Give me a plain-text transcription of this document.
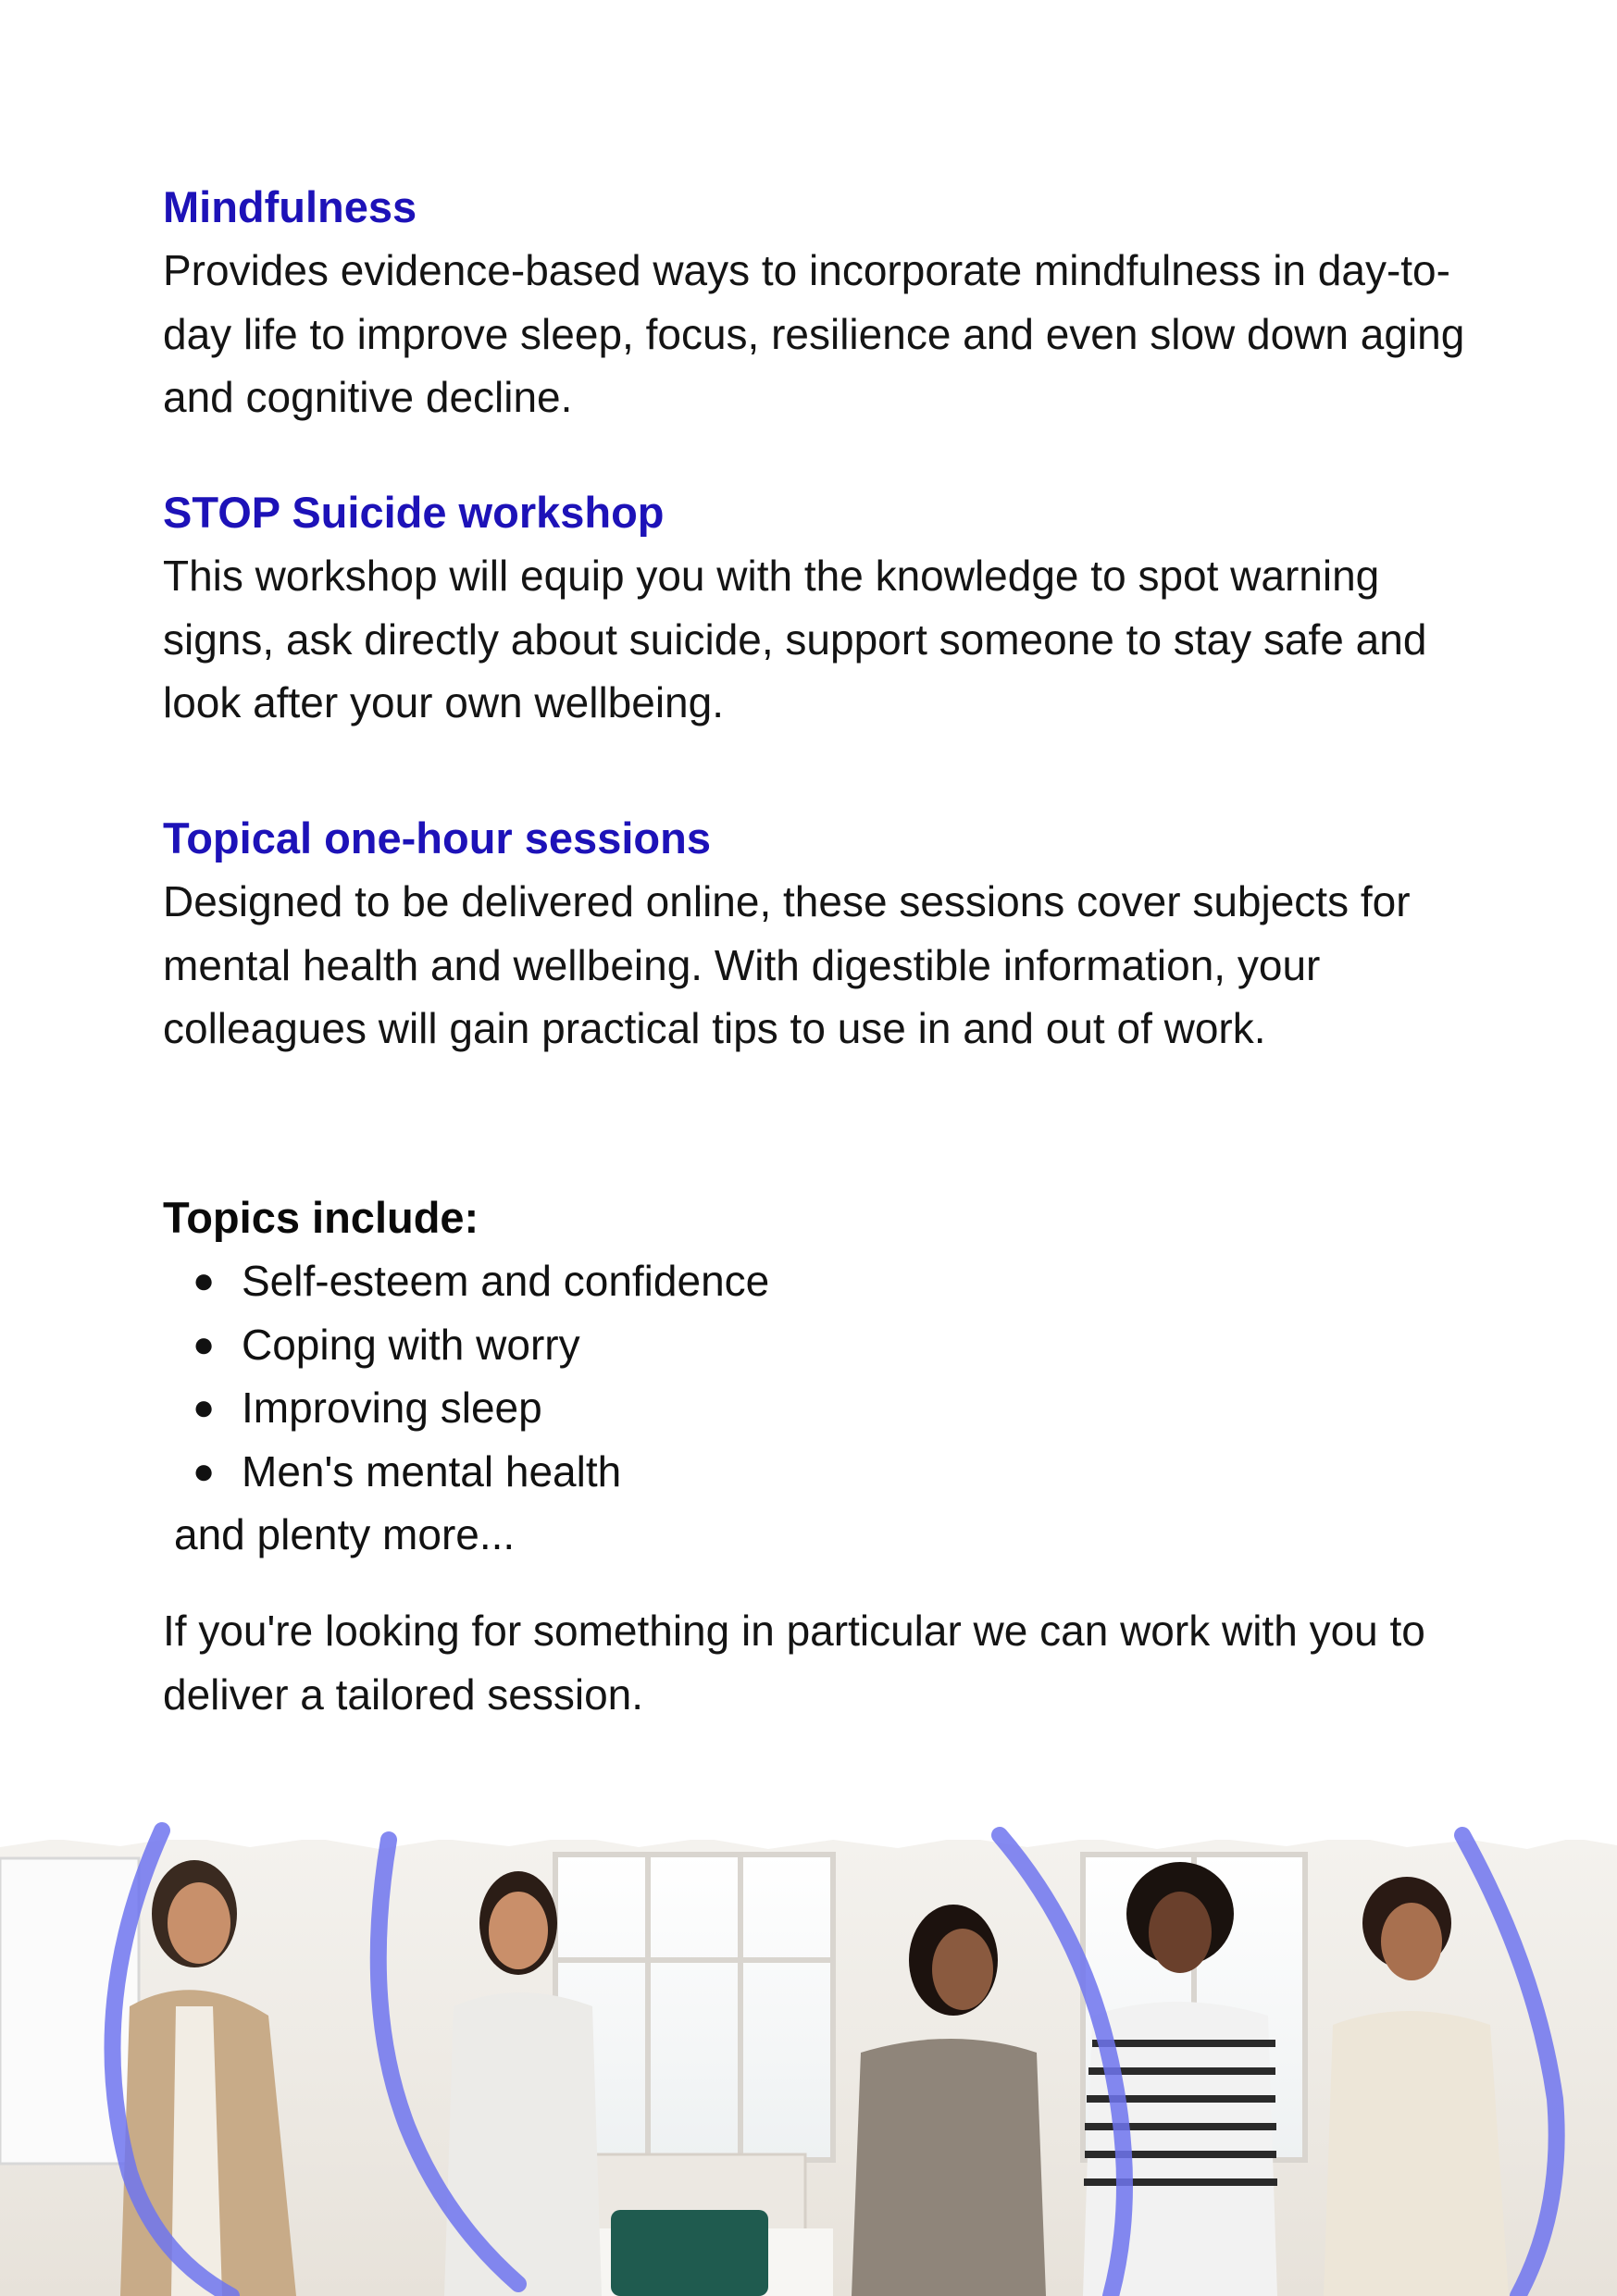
Mindfulness

Provides evidence-based ways to incorporate mindfulness in day-to-day life to improve sleep, focus, resilience and even slow down aging and cognitive decline.

STOP Suicide workshop

This workshop will equip you with the knowledge to spot warning signs, ask directly about suicide, support someone to stay safe and look after your own wellbeing.

Topical one-hour sessions

Designed to be delivered online, these sessions cover subjects for mental health and wellbeing. With digestible information, your colleagues will gain practical tips to use in and out of work.

Topics include:

● Self-esteem and confidence
● Coping with worry
● Improving sleep
● Men's mental health

and plenty more...

If you're looking for something in particular we can work with you to deliver a tailored session.
